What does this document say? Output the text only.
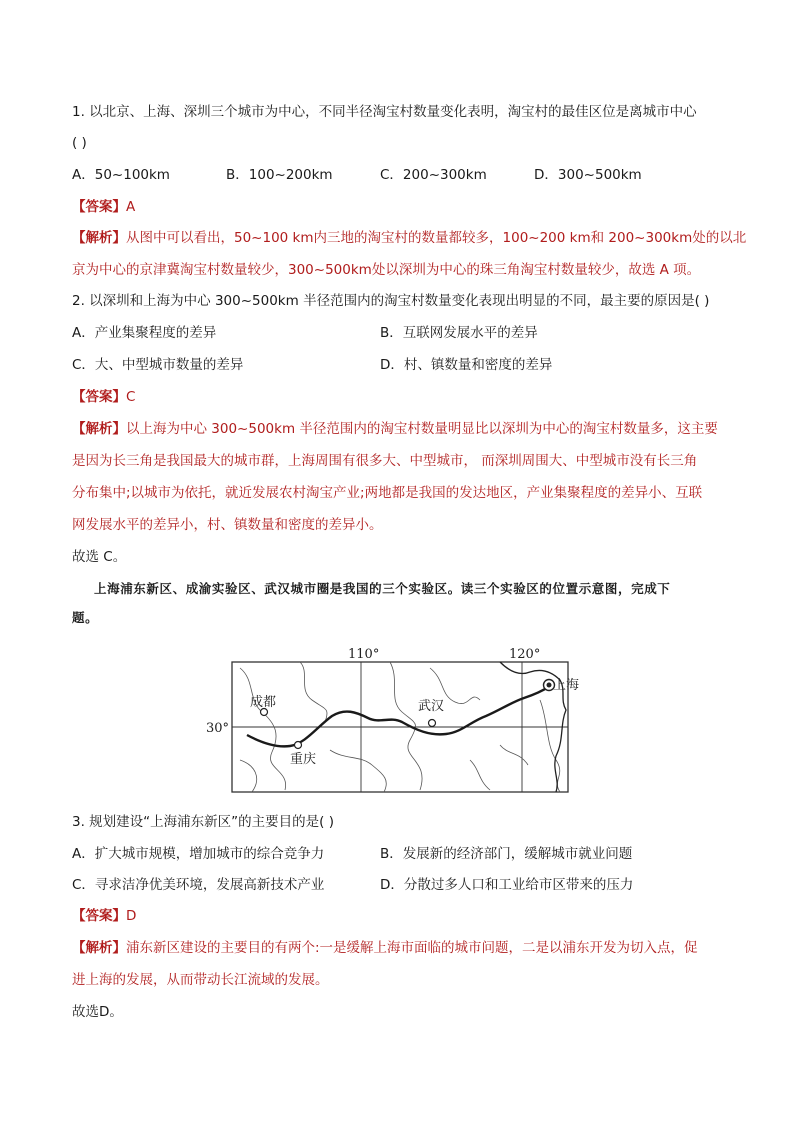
1. 以北京、上海、深圳三个城市为中心，不同半径淘宝村数量变化表明，淘宝村的最佳区位是离城市中心
( )
A．50~100km	B．100~200km	C．200~300km	D．300~500km
【答案】A
【解析】从图中可以看出，50~100 km内三地的淘宝村的数量都较多，100~200 km和 200~300km处的以北
京为中心的京津冀淘宝村数量较少，300~500km处以深圳为中心的珠三角淘宝村数量较少，故选 A 项。
2. 以深圳和上海为中心 300~500km 半径范围内的淘宝村数量变化表现出明显的不同，最主要的原因是( )
A．产业集聚程度的差异	B．互联网发展水平的差异
C．大、中型城市数量的差异	D．村、镇数量和密度的差异
【答案】C
【解析】以上海为中心 300~500km 半径范围内的淘宝村数量明显比以深圳为中心的淘宝村数量多，这主要
是因为长三角是我国最大的城市群，上海周围有很多大、中型城市， 而深圳周围大、中型城市没有长三角
分布集中;以城市为依托，就近发展农村淘宝产业;两地都是我国的发达地区，产业集聚程度的差异小、互联
网发展水平的差异小，村、镇数量和密度的差异小。
故选 C。
上海浦东新区、成渝实验区、武汉城市圈是我国的三个实验区。读三个实验区的位置示意图，完成下
题。
110°	120°
30°
成都	武汉
上海
重庆
3. 规划建设“上海浦东新区”的主要目的是( )
A．扩大城市规模，增加城市的综合竞争力	B．发展新的经济部门，缓解城市就业问题
C．寻求洁净优美环境，发展高新技术产业	D．分散过多人口和工业给市区带来的压力
【答案】D
【解析】浦东新区建设的主要目的有两个:一是缓解上海市面临的城市问题，二是以浦东开发为切入点，促
进上海的发展，从而带动长江流域的发展。
故选D。
